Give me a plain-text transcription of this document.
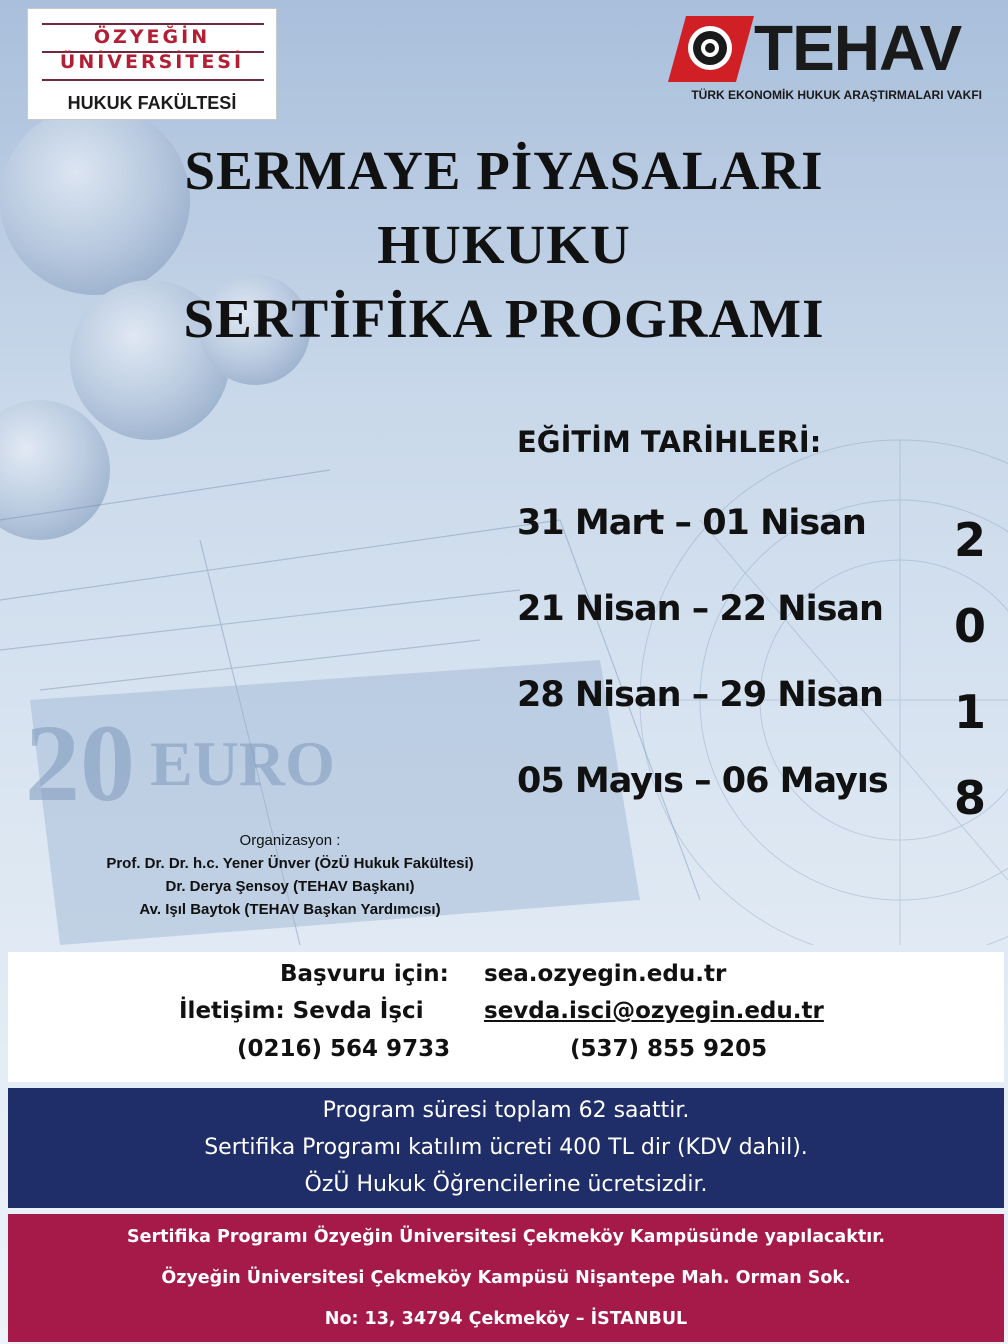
20 EURO
ÖZYEĞİN
ÜNİVERSİTESİ
HUKUK FAKÜLTESİ
TEHAV
TÜRK EKONOMİK HUKUK ARAŞTIRMALARI VAKFI
SERMAYE PİYASALARI
HUKUKU
SERTİFİKA PROGRAMI
EĞİTİM TARİHLERİ:
31 Mart – 01 Nisan
21 Nisan – 22 Nisan
28 Nisan – 29 Nisan
05 Mayıs – 06 Mayıs
2
0
1
8
Organizasyon :
Prof. Dr. Dr. h.c. Yener Ünver (ÖzÜ Hukuk Fakültesi)
Dr. Derya Şensoy (TEHAV Başkanı)
Av. Işıl Baytok (TEHAV Başkan Yardımcısı)
Başvuru için: sea.ozyegin.edu.tr
İletişim: Sevda İşci	sevda.isci@ozyegin.edu.tr
(0216) 564 9733	(537) 855 9205
Program süresi toplam 62 saattir.
Sertifika Programı katılım ücreti 400 TL dir (KDV dahil).
ÖzÜ Hukuk Öğrencilerine ücretsizdir.
Sertifika Programı Özyeğin Üniversitesi Çekmeköy Kampüsünde yapılacaktır.
Özyeğin Üniversitesi Çekmeköy Kampüsü Nişantepe Mah. Orman Sok.
No: 13, 34794 Çekmeköy – İSTANBUL
